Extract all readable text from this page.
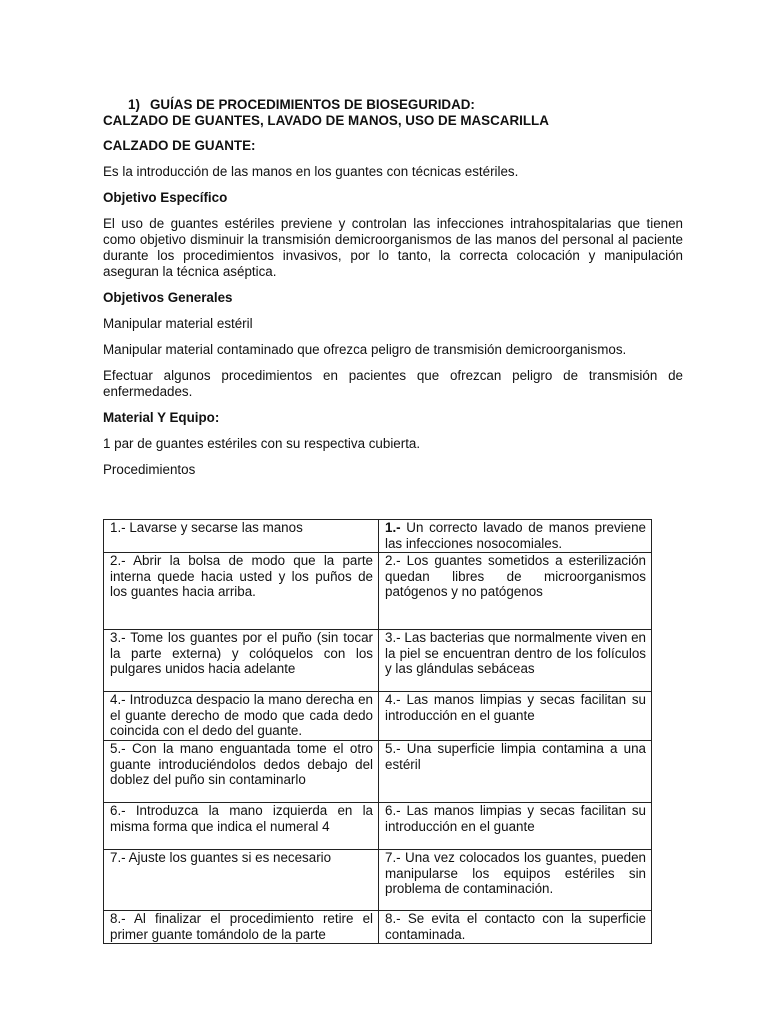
1) GUÍAS DE PROCEDIMIENTOS DE BIOSEGURIDAD:
CALZADO DE GUANTES, LAVADO DE MANOS, USO DE MASCARILLA
CALZADO DE GUANTE:

Es la introducción de las manos en los guantes con técnicas estériles.

Objetivo Específico

El uso de guantes estériles previene y controlan las infecciones intrahospitalarias que tienen como objetivo disminuir la transmisión demicroorganismos de las manos del personal al paciente durante los procedimientos invasivos, por lo tanto, la correcta colocación y manipulación aseguran la técnica aséptica.

Objetivos Generales

Manipular material estéril

Manipular material contaminado que ofrezca peligro de transmisión demicroorganismos.

Efectuar algunos procedimientos en pacientes que ofrezcan peligro de transmisión de enfermedades.

Material Y Equipo:

1 par de guantes estériles con su respectiva cubierta.

Procedimientos

1.- Lavarse y secarse las manos	1.- Un correcto lavado de manos previene las infecciones nosocomiales.
2.- Abrir la bolsa de modo que la parte interna quede hacia usted y los puños de los guantes hacia arriba.	2.- Los guantes sometidos a esterilización quedan libres de microorganismos patógenos y no patógenos
3.- Tome los guantes por el puño (sin tocar la parte externa) y colóquelos con los pulgares unidos hacia adelante	3.- Las bacterias que normalmente viven en la piel se encuentran dentro de los folículos y las glándulas sebáceas
4.- Introduzca despacio la mano derecha en el guante derecho de modo que cada dedo coincida con el dedo del guante.	4.- Las manos limpias y secas facilitan su introducción en el guante
5.- Con la mano enguantada tome el otro guante introduciéndolos dedos debajo del doblez del puño sin contaminarlo	5.- Una superficie limpia contamina a una estéril
6.- Introduzca la mano izquierda en la misma forma que indica el numeral 4	6.- Las manos limpias y secas facilitan su introducción en el guante
7.- Ajuste los guantes si es necesario	7.- Una vez colocados los guantes, pueden manipularse los equipos estériles sin problema de contaminación.

8.- Al finalizar el procedimiento retire el primer guante tomándolo de la parte	8.- Se evita el contacto con la superficie contaminada.
